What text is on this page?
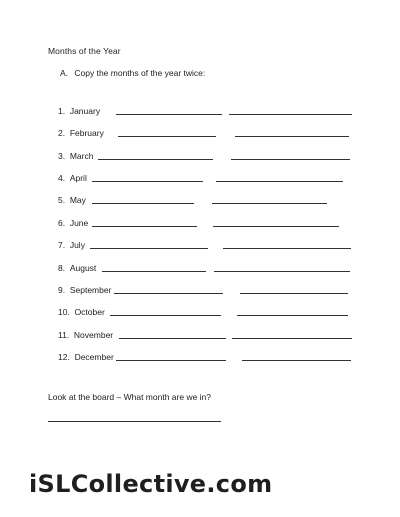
Months of the Year
A. Copy the months of the year twice:
1. January
2. February
3. March
4. April
5. May
6. June
7. July
8. August
9. September
10. October
11. November
12. December
Look at the board – What month are we in?
iSLCollective.com
